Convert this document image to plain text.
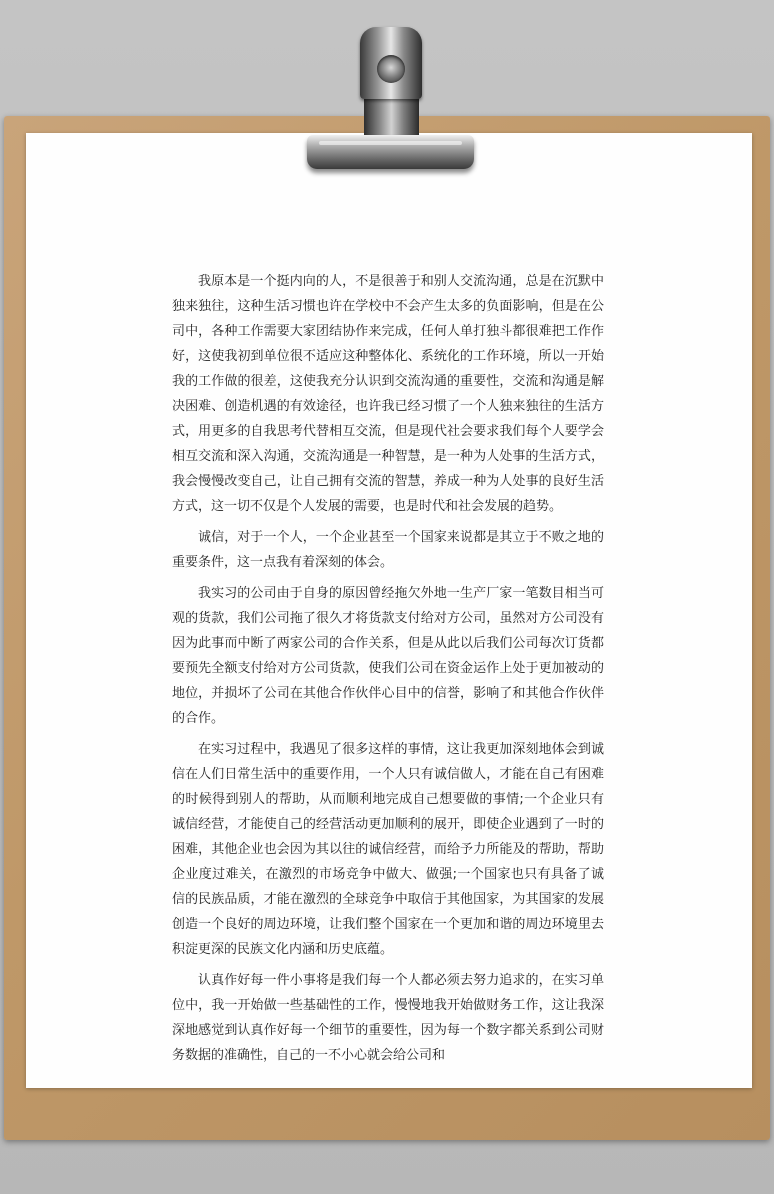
我原本是一个挺内向的人，不是很善于和别人交流沟通，总是在沉默中独来独往，这种生活习惯也许在学校中不会产生太多的负面影响，但是在公司中，各种工作需要大家团结协作来完成，任何人单打独斗都很难把工作作好，这使我初到单位很不适应这种整体化、系统化的工作环境，所以一开始我的工作做的很差，这使我充分认识到交流沟通的重要性，交流和沟通是解决困难、创造机遇的有效途径，也许我已经习惯了一个人独来独往的生活方式，用更多的自我思考代替相互交流，但是现代社会要求我们每个人要学会相互交流和深入沟通，交流沟通是一种智慧，是一种为人处事的生活方式，我会慢慢改变自己，让自己拥有交流的智慧，养成一种为人处事的良好生活方式，这一切不仅是个人发展的需要，也是时代和社会发展的趋势。

诚信，对于一个人，一个企业甚至一个国家来说都是其立于不败之地的重要条件，这一点我有着深刻的体会。

我实习的公司由于自身的原因曾经拖欠外地一生产厂家一笔数目相当可观的货款，我们公司拖了很久才将货款支付给对方公司，虽然对方公司没有因为此事而中断了两家公司的合作关系，但是从此以后我们公司每次订货都要预先全额支付给对方公司货款，使我们公司在资金运作上处于更加被动的地位，并损坏了公司在其他合作伙伴心目中的信誉，影响了和其他合作伙伴的合作。

在实习过程中，我遇见了很多这样的事情，这让我更加深刻地体会到诚信在人们日常生活中的重要作用，一个人只有诚信做人，才能在自己有困难的时候得到别人的帮助，从而顺利地完成自己想要做的事情;一个企业只有诚信经营，才能使自己的经营活动更加顺利的展开，即使企业遇到了一时的困难，其他企业也会因为其以往的诚信经营，而给予力所能及的帮助，帮助企业度过难关，在激烈的市场竞争中做大、做强;一个国家也只有具备了诚信的民族品质，才能在激烈的全球竞争中取信于其他国家，为其国家的发展创造一个良好的周边环境，让我们整个国家在一个更加和谐的周边环境里去积淀更深的民族文化内涵和历史底蕴。

认真作好每一件小事将是我们每一个人都必须去努力追求的，在实习单位中，我一开始做一些基础性的工作，慢慢地我开始做财务工作，这让我深深地感觉到认真作好每一个细节的重要性，因为每一个数字都关系到公司财务数据的准确性，自己的一不小心就会给公司和
